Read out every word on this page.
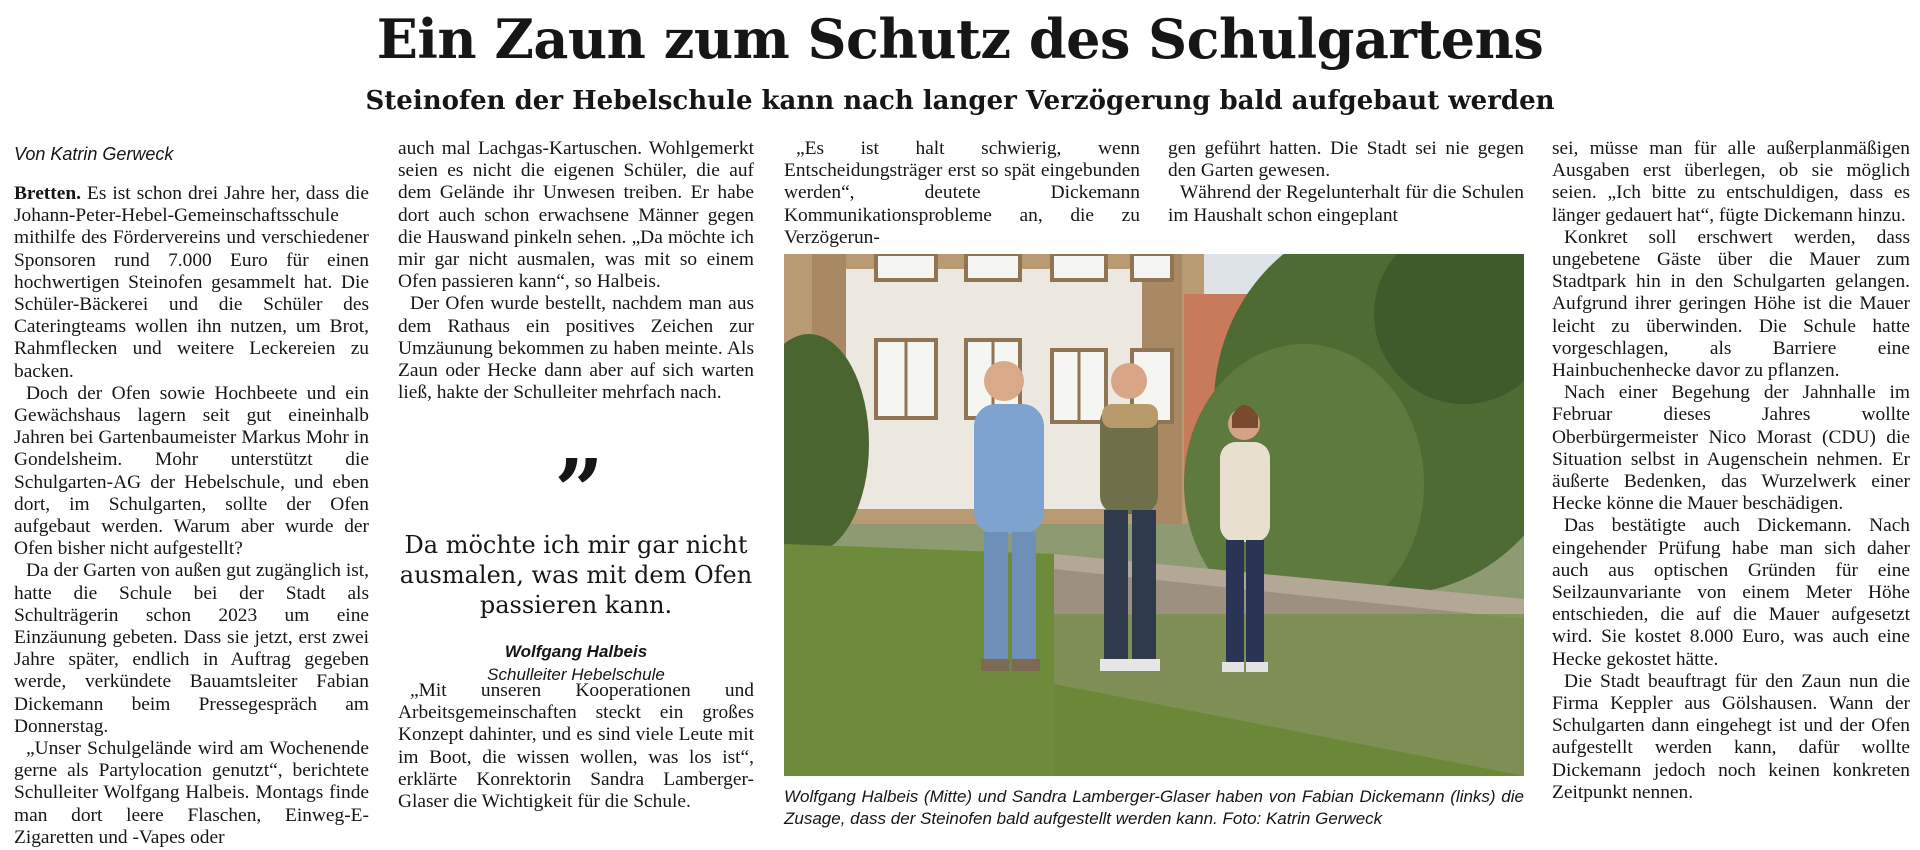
Ein Zaun zum Schutz des Schulgartens
Steinofen der Hebelschule kann nach langer Verzögerung bald aufgebaut werden
Von Katrin Gerweck

Bretten. Es ist schon drei Jahre her, dass die Johann-Peter-Hebel-Gemeinschaftsschule mithilfe des Fördervereins und verschiedener Sponsoren rund 7.000 Euro für einen hochwertigen Steinofen gesammelt hat. Die Schüler-Bäckerei und die Schüler des Cateringteams wollen ihn nutzen, um Brot, Rahmflecken und weitere Leckereien zu backen.

Doch der Ofen sowie Hochbeete und ein Gewächshaus lagern seit gut eineinhalb Jahren bei Gartenbaumeister Markus Mohr in Gondelsheim. Mohr unterstützt die Schulgarten-AG der Hebelschule, und eben dort, im Schulgarten, sollte der Ofen aufgebaut werden. Warum aber wurde der Ofen bisher nicht aufgestellt?

Da der Garten von außen gut zugänglich ist, hatte die Schule bei der Stadt als Schulträgerin schon 2023 um eine Einzäunung gebeten. Dass sie jetzt, erst zwei Jahre später, endlich in Auftrag gegeben werde, verkündete Bauamtsleiter Fabian Dickemann beim Pressegespräch am Donnerstag.

„Unser Schulgelände wird am Wochenende gerne als Partylocation genutzt“, berichtete Schulleiter Wolfgang Halbeis. Montags finde man dort leere Flaschen, Einweg-E-Zigaretten und -Vapes oder

auch mal Lachgas-Kartuschen. Wohlgemerkt seien es nicht die eigenen Schüler, die auf dem Gelände ihr Unwesen treiben. Er habe dort auch schon erwachsene Männer gegen die Hauswand pinkeln sehen. „Da möchte ich mir gar nicht ausmalen, was mit so einem Ofen passieren kann“, so Halbeis.

Der Ofen wurde bestellt, nachdem man aus dem Rathaus ein positives Zeichen zur Umzäunung bekommen zu haben meinte. Als Zaun oder Hecke dann aber auf sich warten ließ, hakte der Schulleiter mehrfach nach.

”

Da möchte ich mir gar nicht ausmalen, was mit dem Ofen passieren kann.

Wolfgang Halbeis
Schulleiter Hebelschule

„Mit unseren Kooperationen und Arbeitsgemeinschaften steckt ein großes Konzept dahinter, und es sind viele Leute mit im Boot, die wissen wollen, was los ist“, erklärte Konrektorin Sandra Lamberger-Glaser die Wichtigkeit für die Schule.

„Es ist halt schwierig, wenn Entscheidungsträger erst so spät eingebunden werden“, deutete Dickemann Kommunikationsprobleme an, die zu Verzögerun-

gen geführt hatten. Die Stadt sei nie gegen den Garten gewesen.

Während der Regelunterhalt für die Schulen im Haushalt schon eingeplant

Wolfgang Halbeis (Mitte) und Sandra Lamberger-Glaser haben von Fabian Dickemann (links) die Zusage, dass der Steinofen bald aufgestellt werden kann. Foto: Katrin Gerweck

sei, müsse man für alle außerplanmäßigen Ausgaben erst überlegen, ob sie möglich seien. „Ich bitte zu entschuldigen, dass es länger gedauert hat“, fügte Dickemann hinzu.

Konkret soll erschwert werden, dass ungebetene Gäste über die Mauer zum Stadtpark hin in den Schulgarten gelangen. Aufgrund ihrer geringen Höhe ist die Mauer leicht zu überwinden. Die Schule hatte vorgeschlagen, als Barriere eine Hainbuchenhecke davor zu pflanzen.

Nach einer Begehung der Jahnhalle im Februar dieses Jahres wollte Oberbürgermeister Nico Morast (CDU) die Situation selbst in Augenschein nehmen. Er äußerte Bedenken, das Wurzelwerk einer Hecke könne die Mauer beschädigen.

Das bestätigte auch Dickemann. Nach eingehender Prüfung habe man sich daher auch aus optischen Gründen für eine Seilzaunvariante von einem Meter Höhe entschieden, die auf die Mauer aufgesetzt wird. Sie kostet 8.000 Euro, was auch eine Hecke gekostet hätte.

Die Stadt beauftragt für den Zaun nun die Firma Keppler aus Gölshausen. Wann der Schulgarten dann eingehegt ist und der Ofen aufgestellt werden kann, dafür wollte Dickemann jedoch noch keinen konkreten Zeitpunkt nennen.
